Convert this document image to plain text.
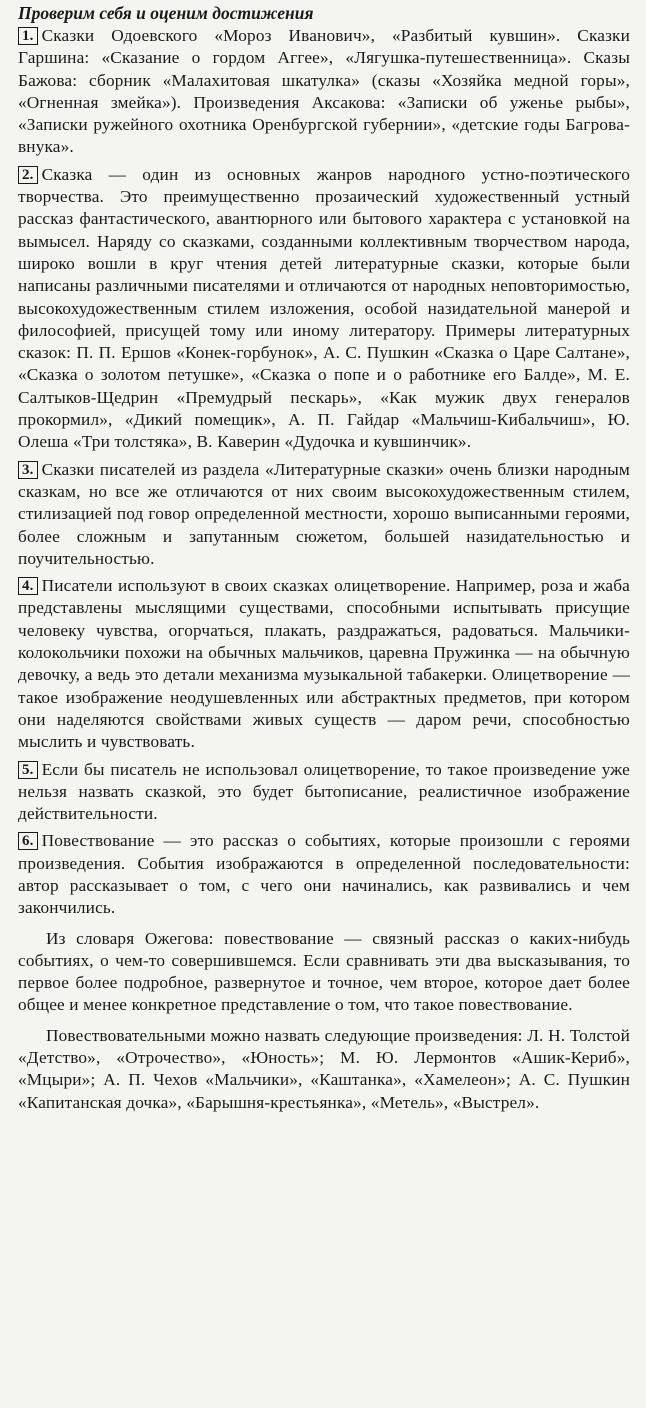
Проверим себя и оценим достижения

1. Сказки Одоевского «Мороз Иванович», «Разбитый кувшин». Сказки Гаршина: «Сказание о гордом Аггее», «Лягушка-путешественница». Сказы Бажова: сборник «Малахитовая шкатулка» (сказы «Хозяйка медной горы», «Огненная змейка»). Произведения Аксакова: «Записки об уженье рыбы», «Записки ружейного охотника Оренбургской губернии», «детские годы Багрова-внука».

2. Сказка — один из основных жанров народного устно-поэтического творчества. Это преимущественно прозаический художественный устный рассказ фантастического, авантюрного или бытового характера с установкой на вымысел. Наряду со сказками, созданными коллективным творчеством народа, широко вошли в круг чтения детей литературные сказки, которые были написаны различными писателями и отличаются от народных неповторимостью, высокохудожественным стилем изложения, особой назидательной манерой и философией, присущей тому или иному литератору. Примеры литературных сказок: П. П. Ершов «Конек-горбунок», А. С. Пушкин «Сказка о Царе Салтане», «Сказка о золотом петушке», «Сказка о попе и о работнике его Балде», М. Е. Салтыков-Щедрин «Премудрый пескарь», «Как мужик двух генералов прокормил», «Дикий помещик», А. П. Гайдар «Мальчиш-Кибальчиш», Ю. Олеша «Три толстяка», В. Каверин «Дудочка и кувшинчик».

3. Сказки писателей из раздела «Литературные сказки» очень близки народным сказкам, но все же отличаются от них своим высокохудожественным стилем, стилизацией под говор определенной местности, хорошо выписанными героями, более сложным и запутанным сюжетом, большей назидательностью и поучительностью.

4. Писатели используют в своих сказках олицетворение. Например, роза и жаба представлены мыслящими существами, способными испытывать присущие человеку чувства, огорчаться, плакать, раздражаться, радоваться. Мальчики-колокольчики похожи на обычных мальчиков, царевна Пружинка — на обычную девочку, а ведь это детали механизма музыкальной табакерки. Олицетворение — такое изображение неодушевленных или абстрактных предметов, при котором они наделяются свойствами живых существ — даром речи, способностью мыслить и чувствовать.

5. Если бы писатель не использовал олицетворение, то такое произведение уже нельзя назвать сказкой, это будет бытописание, реалистичное изображение действительности.

6. Повествование — это рассказ о событиях, которые произошли с героями произведения. События изображаются в определенной последовательности: автор рассказывает о том, с чего они начинались, как развивались и чем закончились.

Из словаря Ожегова: повествование — связный рассказ о каких-нибудь событиях, о чем-то совершившемся. Если сравнивать эти два высказывания, то первое более подробное, развернутое и точное, чем второе, которое дает более общее и менее конкретное представление о том, что такое повествование.

Повествовательными можно назвать следующие произведения: Л. Н. Толстой «Детство», «Отрочество», «Юность»; М. Ю. Лермонтов «Ашик-Кериб», «Мцыри»; А. П. Чехов «Мальчики», «Каштанка», «Хамелеон»; А. С. Пушкин «Капитанская дочка», «Барышня-крестьянка», «Метель», «Выстрел».
